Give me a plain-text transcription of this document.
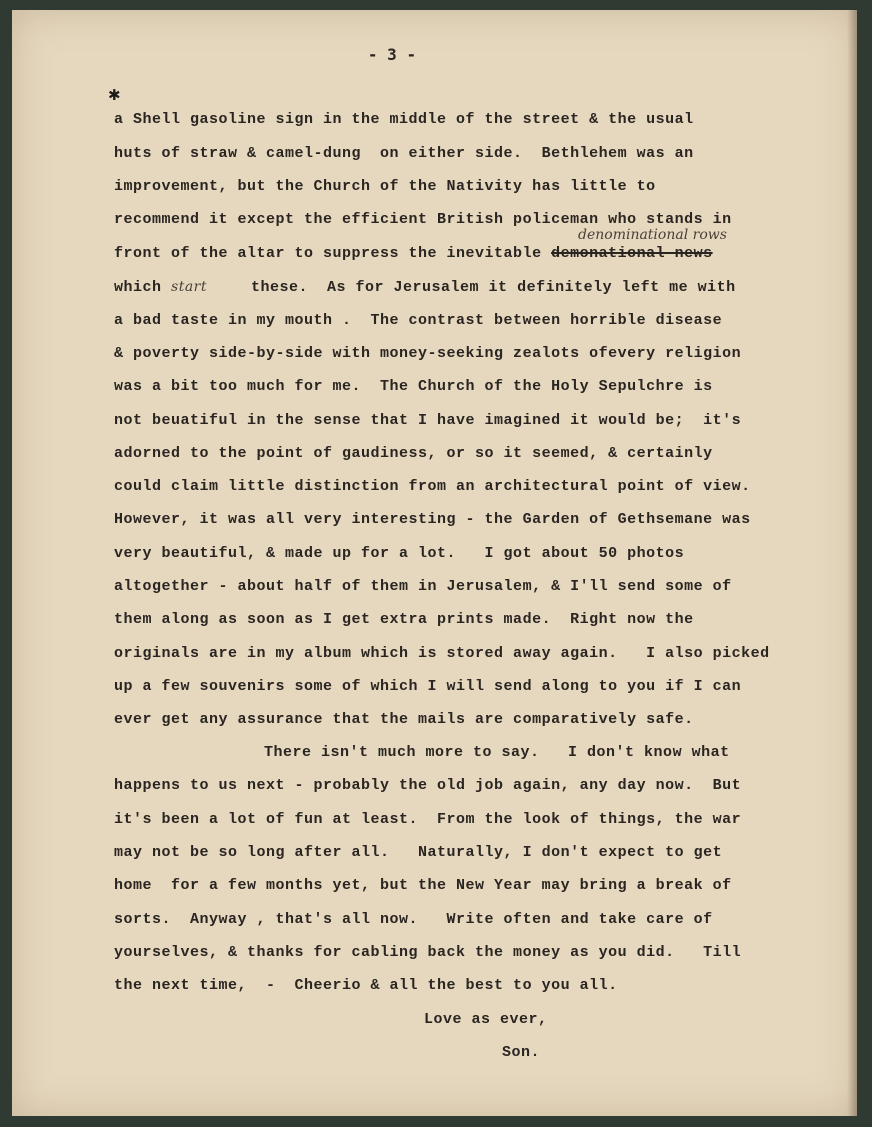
- 3 -
✱
a Shell gasoline sign in the middle of the street & the usual
huts of straw & camel-dung  on either side.  Bethlehem was an
improvement, but the Church of the Nativity has little to
recommend it except the efficient British policeman who stands in
denominational rows
front of the altar to suppress the inevitable demonational news
which start	these.  As for Jerusalem it definitely left me with
a bad taste in my mouth .  The contrast between horrible disease
& poverty side-by-side with money-seeking zealots ofevery religion
was a bit too much for me.  The Church of the Holy Sepulchre is
not beuatiful in the sense that I have imagined it would be;  it's
adorned to the point of gaudiness, or so it seemed, & certainly
could claim little distinction from an architectural point of view.
However, it was all very interesting - the Garden of Gethsemane was
very beautiful, & made up for a lot.   I got about 50 photos
altogether - about half of them in Jerusalem, & I'll send some of
them along as soon as I get extra prints made.  Right now the
originals are in my album which is stored away again.   I also picked
up a few souvenirs some of which I will send along to you if I can
ever get any assurance that the mails are comparatively safe.
There isn't much more to say.   I don't know what
happens to us next - probably the old job again, any day now.  But
it's been a lot of fun at least.  From the look of things, the war
may not be so long after all.   Naturally, I don't expect to get
home  for a few months yet, but the New Year may bring a break of
sorts.  Anyway , that's all now.   Write often and take care of
yourselves, & thanks for cabling back the money as you did.   Till
the next time,  -  Cheerio & all the best to you all.
Love as ever,
Son.
